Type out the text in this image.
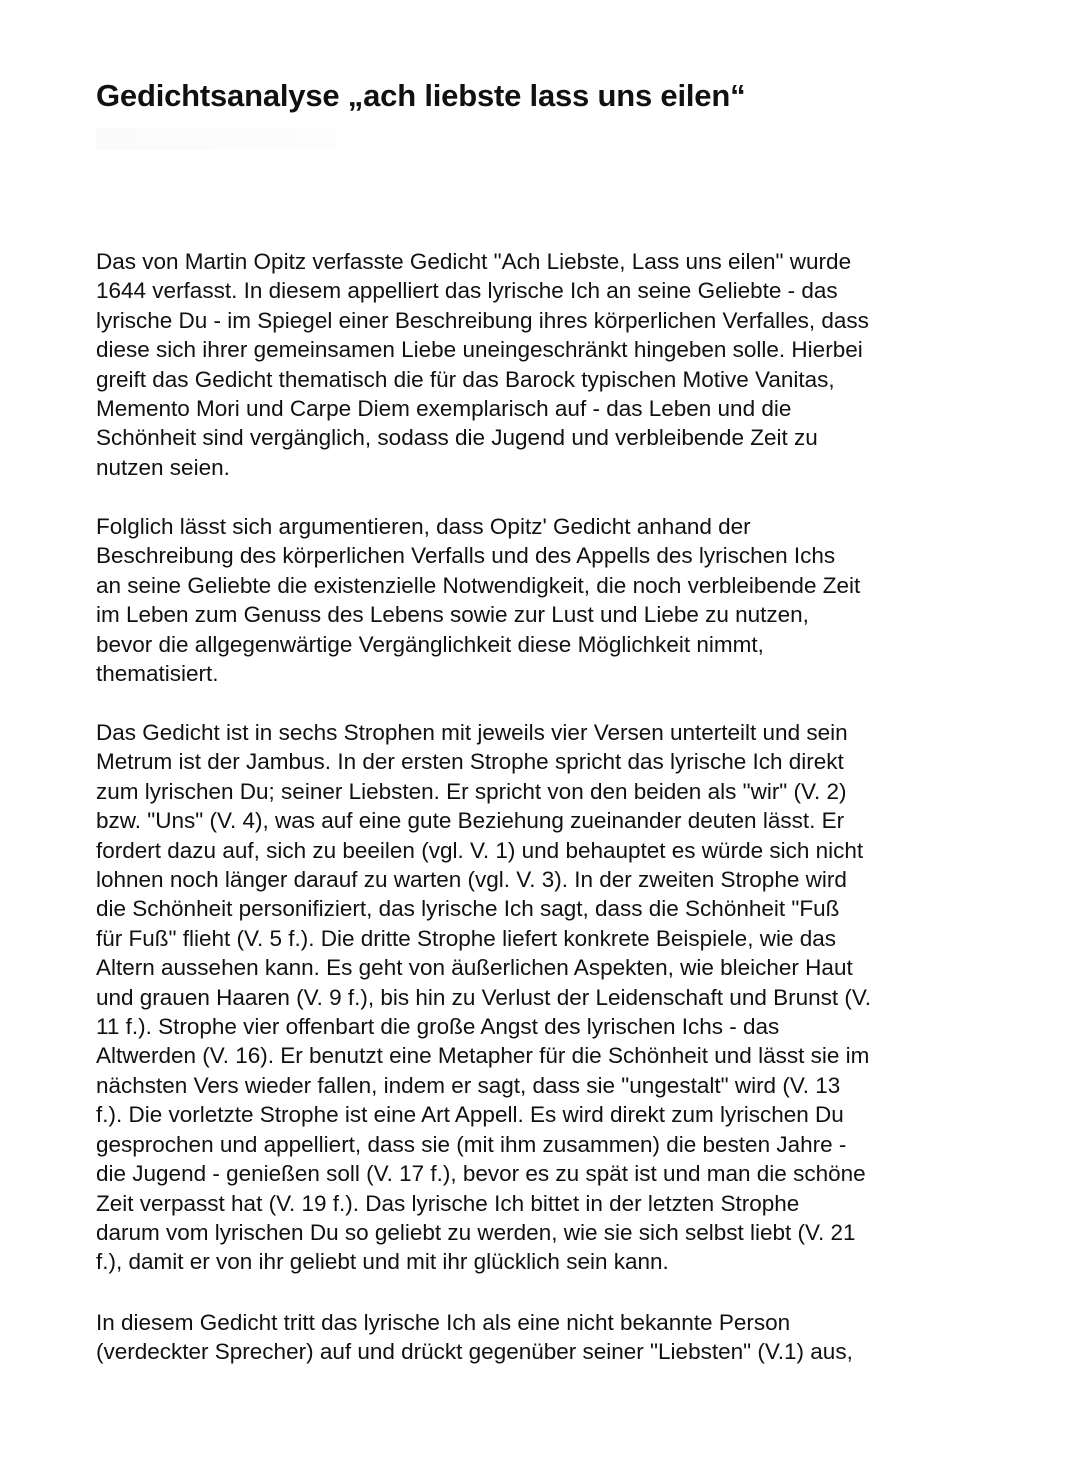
Gedichtsanalyse „ach liebste lass uns eilen“

Das von Martin Opitz verfasste Gedicht "Ach Liebste, Lass uns eilen" wurde
1644 verfasst. In diesem appelliert das lyrische Ich an seine Geliebte - das
lyrische Du - im Spiegel einer Beschreibung ihres körperlichen Verfalles, dass
diese sich ihrer gemeinsamen Liebe uneingeschränkt hingeben solle. Hierbei
greift das Gedicht thematisch die für das Barock typischen Motive Vanitas,
Memento Mori und Carpe Diem exemplarisch auf - das Leben und die
Schönheit sind vergänglich, sodass die Jugend und verbleibende Zeit zu
nutzen seien.

Folglich lässt sich argumentieren, dass Opitz' Gedicht anhand der
Beschreibung des körperlichen Verfalls und des Appells des lyrischen Ichs
an seine Geliebte die existenzielle Notwendigkeit, die noch verbleibende Zeit
im Leben zum Genuss des Lebens sowie zur Lust und Liebe zu nutzen,
bevor die allgegenwärtige Vergänglichkeit diese Möglichkeit nimmt,
thematisiert.

Das Gedicht ist in sechs Strophen mit jeweils vier Versen unterteilt und sein
Metrum ist der Jambus. In der ersten Strophe spricht das lyrische Ich direkt
zum lyrischen Du; seiner Liebsten. Er spricht von den beiden als "wir" (V. 2)
bzw. "Uns" (V. 4), was auf eine gute Beziehung zueinander deuten lässt. Er
fordert dazu auf, sich zu beeilen (vgl. V. 1) und behauptet es würde sich nicht
lohnen noch länger darauf zu warten (vgl. V. 3). In der zweiten Strophe wird
die Schönheit personifiziert, das lyrische Ich sagt, dass die Schönheit "Fuß
für Fuß" flieht (V. 5 f.). Die dritte Strophe liefert konkrete Beispiele, wie das
Altern aussehen kann. Es geht von äußerlichen Aspekten, wie bleicher Haut
und grauen Haaren (V. 9 f.), bis hin zu Verlust der Leidenschaft und Brunst (V.
11 f.). Strophe vier offenbart die große Angst des lyrischen Ichs - das
Altwerden (V. 16). Er benutzt eine Metapher für die Schönheit und lässt sie im
nächsten Vers wieder fallen, indem er sagt, dass sie "ungestalt" wird (V. 13
f.). Die vorletzte Strophe ist eine Art Appell. Es wird direkt zum lyrischen Du
gesprochen und appelliert, dass sie (mit ihm zusammen) die besten Jahre -
die Jugend - genießen soll (V. 17 f.), bevor es zu spät ist und man die schöne
Zeit verpasst hat (V. 19 f.). Das lyrische Ich bittet in der letzten Strophe
darum vom lyrischen Du so geliebt zu werden, wie sie sich selbst liebt (V. 21
f.), damit er von ihr geliebt und mit ihr glücklich sein kann.

In diesem Gedicht tritt das lyrische Ich als eine nicht bekannte Person
(verdeckter Sprecher) auf und drückt gegenüber seiner "Liebsten" (V.1) aus,
